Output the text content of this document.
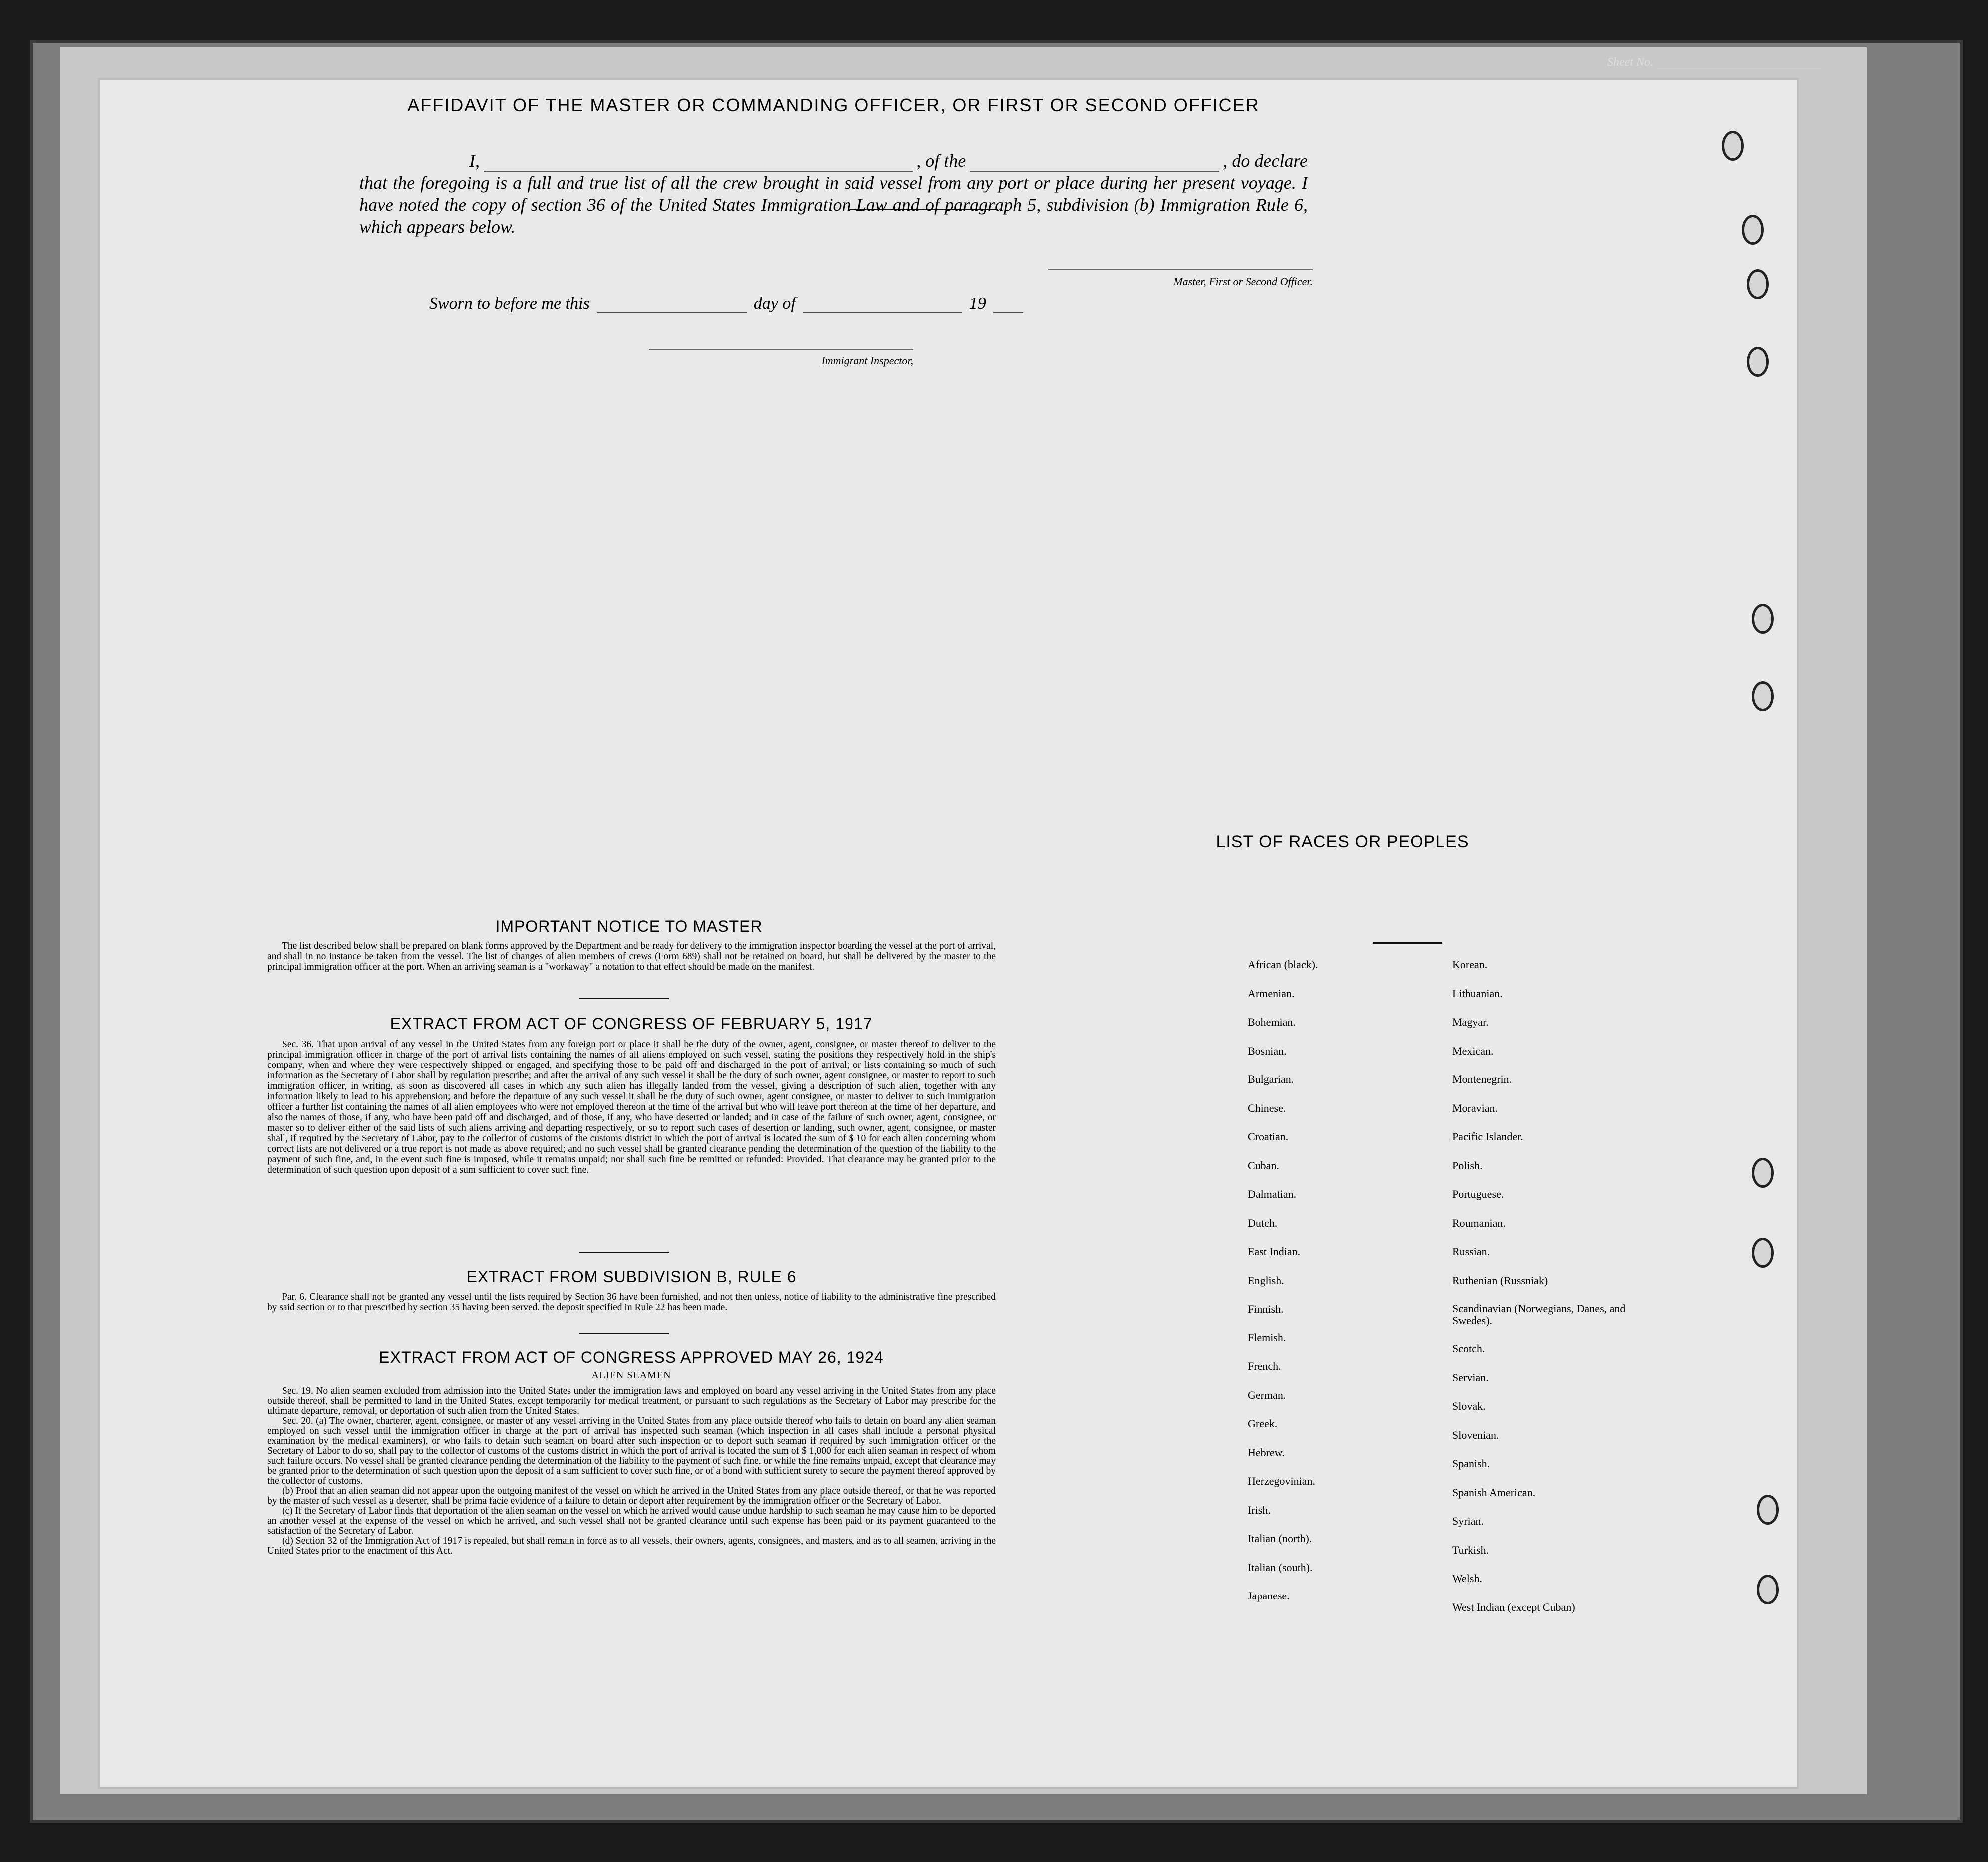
Sheet No.
AFFIDAVIT OF THE MASTER OR COMMANDING OFFICER, OR FIRST OR SECOND OFFICER
I,	, of the	, do declare
that the foregoing is a full and true list of all the crew brought in said vessel from any port or place during her present voyage. I have noted the copy of section 36 of the United States Immigration Law and of paragraph 5, subdivision (b) Immigration Rule 6, which appears below.
Master, First or Second Officer.
Sworn to before me this	day of	19
Immigrant Inspector,
IMPORTANT NOTICE TO MASTER

The list described below shall be prepared on blank forms approved by the Department and be ready for delivery to the immigration inspector boarding the vessel at the port of arrival, and shall in no instance be taken from the vessel. The list of changes of alien members of crews (Form 689) shall not be retained on board, but shall be delivered by the master to the principal immigration officer at the port. When an arriving seaman is a "workaway" a notation to that effect should be made on the manifest.

EXTRACT FROM ACT OF CONGRESS OF FEBRUARY 5, 1917

Sec. 36. That upon arrival of any vessel in the United States from any foreign port or place it shall be the duty of the owner, agent, consignee, or master thereof to deliver to the principal immigration officer in charge of the port of arrival lists containing the names of all aliens employed on such vessel, stating the positions they respectively hold in the ship's company, when and where they were respectively shipped or engaged, and specifying those to be paid off and discharged in the port of arrival; or lists containing so much of such information as the Secretary of Labor shall by regulation prescribe; and after the arrival of any such vessel it shall be the duty of such owner, agent consignee, or master to report to such immigration officer, in writing, as soon as discovered all cases in which any such alien has illegally landed from the vessel, giving a description of such alien, together with any information likely to lead to his apprehension; and before the departure of any such vessel it shall be the duty of such owner, agent consignee, or master to deliver to such immigration officer a further list containing the names of all alien employees who were not employed thereon at the time of the arrival but who will leave port thereon at the time of her departure, and also the names of those, if any, who have been paid off and discharged, and of those, if any, who have deserted or landed; and in case of the failure of such owner, agent, consignee, or master so to deliver either of the said lists of such aliens arriving and departing respectively, or so to report such cases of desertion or landing, such owner, agent, consignee, or master shall, if required by the Secretary of Labor, pay to the collector of customs of the customs district in which the port of arrival is located the sum of $ 10 for each alien concerning whom correct lists are not delivered or a true report is not made as above required; and no such vessel shall be granted clearance pending the determination of the question of the liability to the payment of such fine, and, in the event such fine is imposed, while it remains unpaid; nor shall such fine be remitted or refunded: Provided. That clearance may be granted prior to the determination of such question upon deposit of a sum sufficient to cover such fine.

EXTRACT FROM SUBDIVISION B, RULE 6

Par. 6. Clearance shall not be granted any vessel until the lists required by Section 36 have been furnished, and not then unless, notice of liability to the administrative fine prescribed by said section or to that prescribed by section 35 having been served. the deposit specified in Rule 22 has been made.

EXTRACT FROM ACT OF CONGRESS APPROVED MAY 26, 1924
ALIEN SEAMEN

Sec. 19. No alien seamen excluded from admission into the United States under the immigration laws and employed on board any vessel arriving in the United States from any place outside thereof, shall be permitted to land in the United States, except temporarily for medical treatment, or pursuant to such regulations as the Secretary of Labor may prescribe for the ultimate departure, removal, or deportation of such alien from the United States.

Sec. 20. (a) The owner, charterer, agent, consignee, or master of any vessel arriving in the United States from any place outside thereof who fails to detain on board any alien seaman employed on such vessel until the immigration officer in charge at the port of arrival has inspected such seaman (which inspection in all cases shall include a personal physical examination by the medical examiners), or who fails to detain such seaman on board after such inspection or to deport such seaman if required by such immigration officer or the Secretary of Labor to do so, shall pay to the collector of customs of the customs district in which the port of arrival is located the sum of $ 1,000 for each alien seaman in respect of whom such failure occurs. No vessel shall be granted clearance pending the determination of the liability to the payment of such fine, or while the fine remains unpaid, except that clearance may be granted prior to the determination of such question upon the deposit of a sum sufficient to cover such fine, or of a bond with sufficient surety to secure the payment thereof approved by the collector of customs.

(b) Proof that an alien seaman did not appear upon the outgoing manifest of the vessel on which he arrived in the United States from any place outside thereof, or that he was reported by the master of such vessel as a deserter, shall be prima facie evidence of a failure to detain or deport after requirement by the immigration officer or the Secretary of Labor.

(c) If the Secretary of Labor finds that deportation of the alien seaman on the vessel on which he arrived would cause undue hardship to such seaman he may cause him to be deported an another vessel at the expense of the vessel on which he arrived, and such vessel shall not be granted clearance until such expense has been paid or its payment guaranteed to the satisfaction of the Secretary of Labor.

(d) Section 32 of the Immigration Act of 1917 is repealed, but shall remain in force as to all vessels, their owners, agents, consignees, and masters, and as to all seamen, arriving in the United States prior to the enactment of this Act.

LIST OF RACES OR PEOPLES
African (black).
Armenian.
Bohemian.
Bosnian.
Bulgarian.
Chinese.
Croatian.
Cuban.
Dalmatian.
Dutch.
East Indian.
English.
Finnish.
Flemish.
French.
German.
Greek.
Hebrew.
Herzegovinian.
Irish.
Italian (north).
Italian (south).
Japanese.
Korean.
Lithuanian.
Magyar.
Mexican.
Montenegrin.
Moravian.
Pacific Islander.
Polish.
Portuguese.
Roumanian.
Russian.
Ruthenian (Russniak)
Scandinavian (Norwegians, Danes, and Swedes).
Scotch.
Servian.
Slovak.
Slovenian.
Spanish.
Spanish American.
Syrian.
Turkish.
Welsh.
West Indian (except Cuban)
